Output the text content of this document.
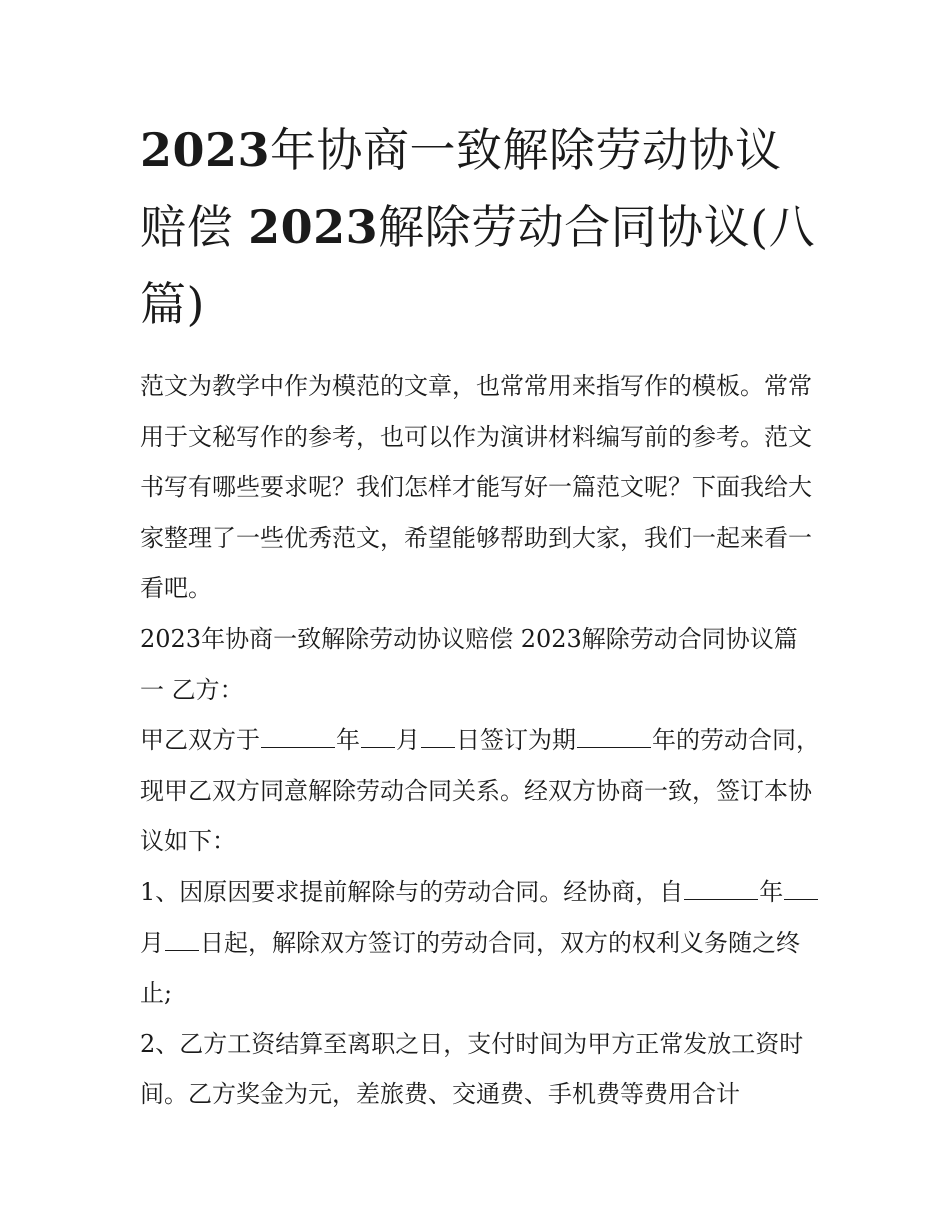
2023年协商一致解除劳动协议赔偿 2023解除劳动合同协议(八篇)

范文为教学中作为模范的文章，也常常用来指写作的模板。常常用于文秘写作的参考，也可以作为演讲材料编写前的参考。范文书写有哪些要求呢？我们怎样才能写好一篇范文呢？下面我给大家整理了一些优秀范文，希望能够帮助到大家，我们一起来看一看吧。

2023年协商一致解除劳动协议赔偿 2023解除劳动合同协议篇一 乙方：

甲乙双方于	年 月 日签订为期	年的劳动合同，现甲乙双方同意解除劳动合同关系。经双方协商一致，签订本协议如下：

1、因原因要求提前解除与的劳动合同。经协商，自	年月 日起，解除双方签订的劳动合同，双方的权利义务随之终止;

2、乙方工资结算至离职之日，支付时间为甲方正常发放工资时间。乙方奖金为元，差旅费、交通费、手机费等费用合计
